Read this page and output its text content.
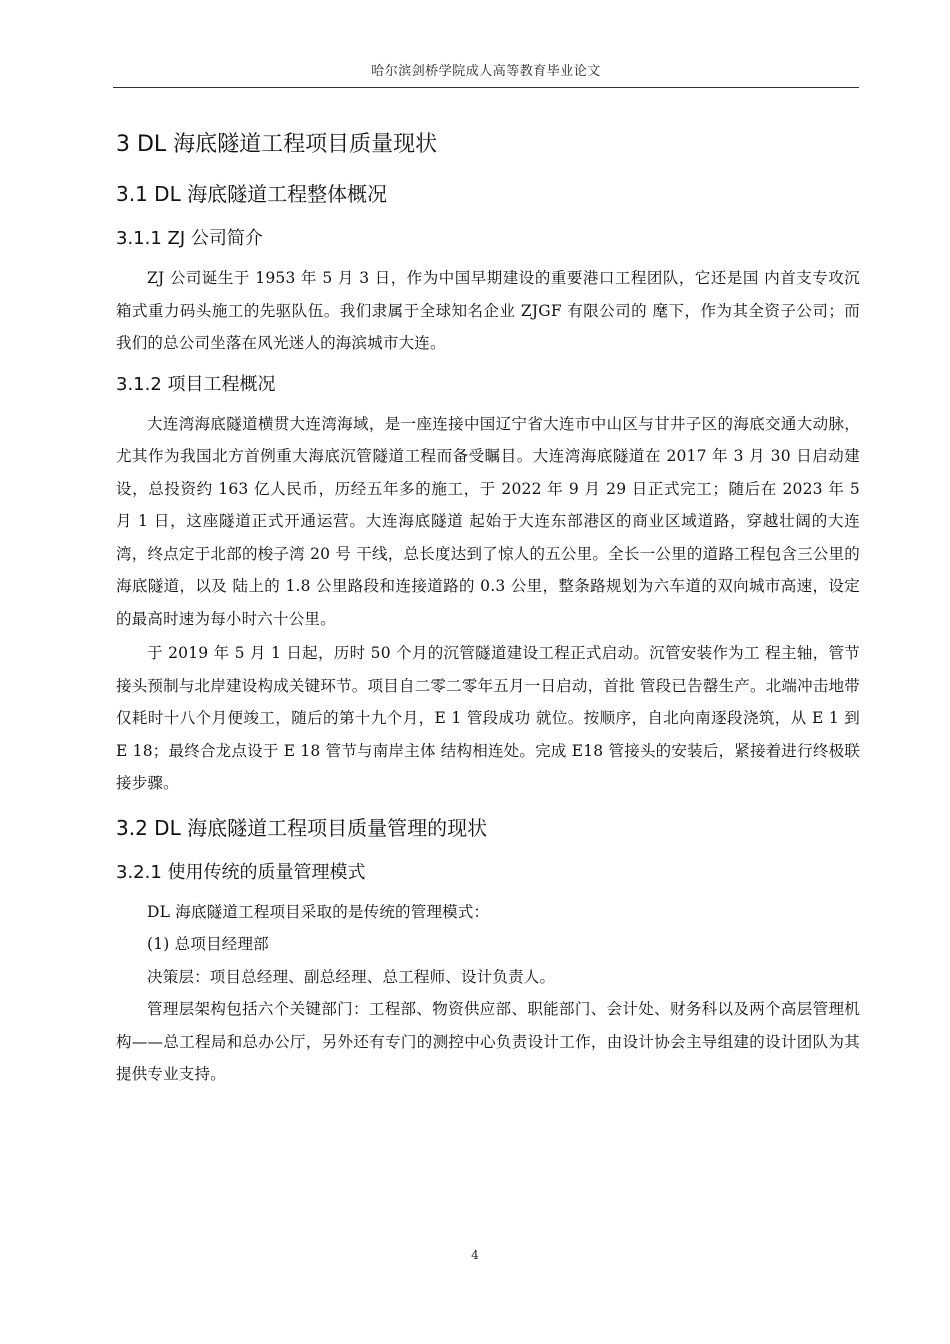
哈尔滨剑桥学院成人高等教育毕业论文
3 DL 海底隧道工程项目质量现状
3.1 DL 海底隧道工程整体概况
3.1.1 ZJ 公司简介

ZJ 公司诞生于 1953 年 5 月 3 日，作为中国早期建设的重要港口工程团队，它还是国 内首支专攻沉箱式重力码头施工的先驱队伍。我们隶属于全球知名企业 ZJGF 有限公司的 麾下，作为其全资子公司；而我们的总公司坐落在风光迷人的海滨城市大连。

3.1.2 项目工程概况

大连湾海底隧道横贯大连湾海域，是一座连接中国辽宁省大连市中山区与甘井子区的海底交通大动脉，尤其作为我国北方首例重大海底沉管隧道工程而备受瞩目。大连湾海底隧道在 2017 年 3 月 30 日启动建设，总投资约 163 亿人民币，历经五年多的施工，于 2022 年 9 月 29 日正式完工；随后在 2023 年 5 月 1 日，这座隧道正式开通运营。大连海底隧道 起始于大连东部港区的商业区域道路，穿越壮阔的大连湾，终点定于北部的梭子湾 20 号 干线，总长度达到了惊人的五公里。全长一公里的道路工程包含三公里的海底隧道，以及 陆上的 1.8 公里路段和连接道路的 0.3 公里，整条路规划为六车道的双向城市高速，设定 的最高时速为每小时六十公里。

于 2019 年 5 月 1 日起，历时 50 个月的沉管隧道建设工程正式启动。沉管安装作为工 程主轴，管节接头预制与北岸建设构成关键环节。项目自二零二零年五月一日启动，首批 管段已告罄生产。北端冲击地带仅耗时十八个月便竣工，随后的第十九个月，E 1 管段成功 就位。按顺序，自北向南逐段浇筑，从 E 1 到 E 18；最终合龙点设于 E 18 管节与南岸主体 结构相连处。完成 E18 管接头的安装后，紧接着进行终极联接步骤。

3.2 DL 海底隧道工程项目质量管理的现状
3.2.1 使用传统的质量管理模式

DL 海底隧道工程项目采取的是传统的管理模式：

(1) 总项目经理部

决策层：项目总经理、副总经理、总工程师、设计负责人。

管理层架构包括六个关键部门：工程部、物资供应部、职能部门、会计处、财务科以及两个高层管理机构——总工程局和总办公厅，另外还有专门的测控中心负责设计工作，由设计协会主导组建的设计团队为其提供专业支持。

4
